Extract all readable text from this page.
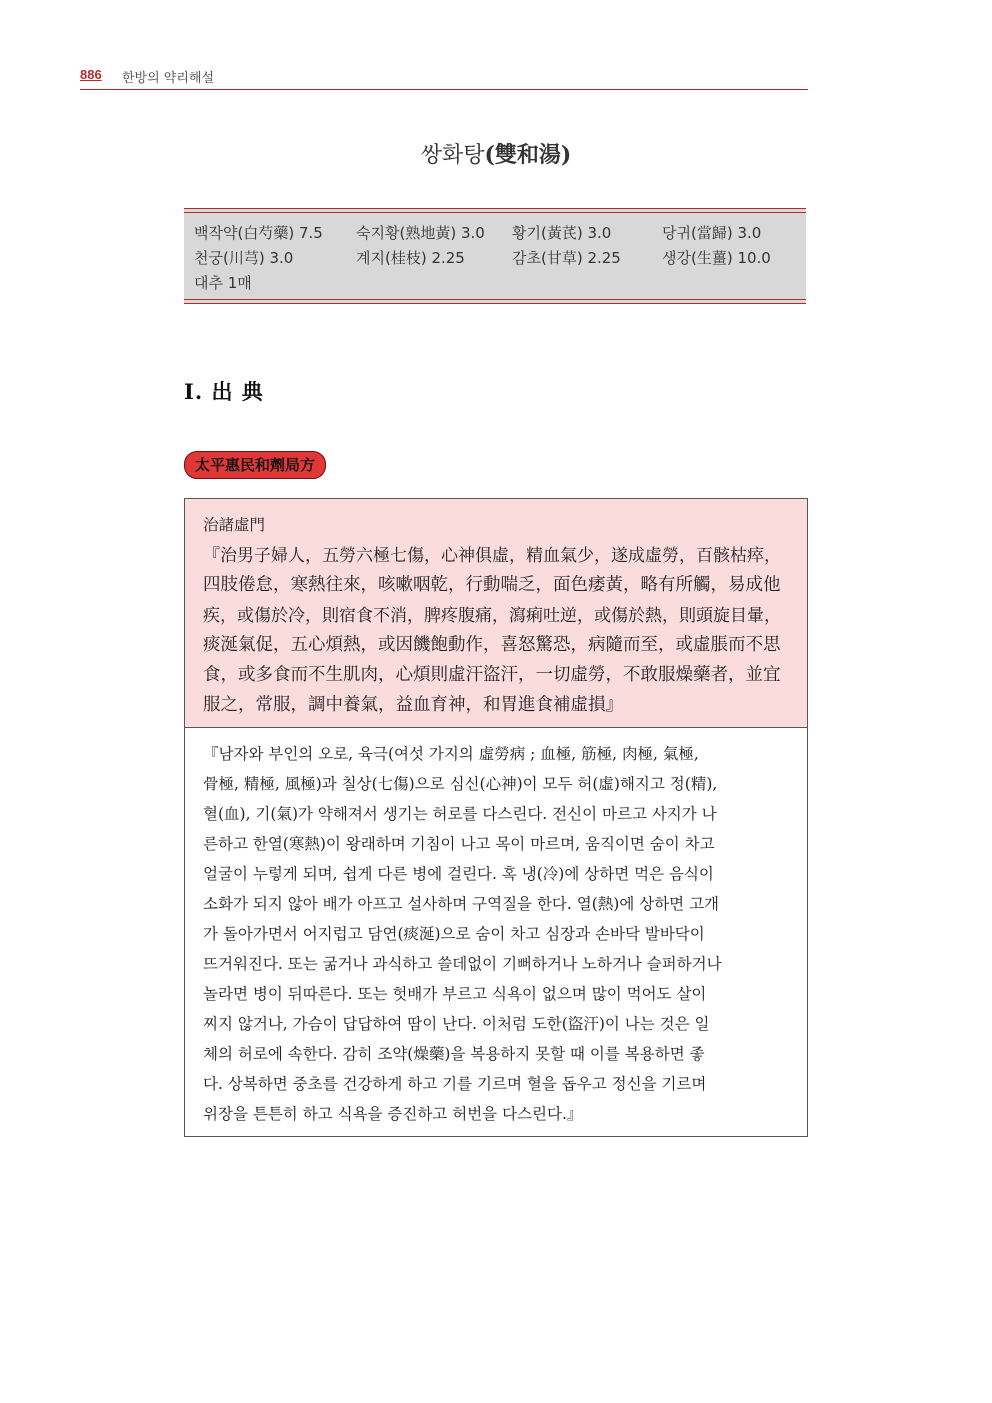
886 한방의 약리해설
쌍화탕(雙和湯)
백작약(白芍藥) 7.5 숙지황(熟地黃) 3.0 황기(黃芪) 3.0	당귀(當歸) 3.0
천궁(川芎) 3.0	계지(桂枝) 2.25	감초(甘草) 2.25	생강(生薑) 10.0
대추 1매
I. 出 典
太平惠民和劑局方
治諸虛門
『治男子婦人，五勞六極七傷，心神俱虛，精血氣少，遂成虛勞，百骸枯瘁，
四肢倦怠，寒熱往來，咳嗽咽乾，行動喘乏，面色痿黃，略有所觸，易成他
疾，或傷於冷，則宿食不消，脾疼腹痛，瀉痢吐逆，或傷於熱，則頭旋目暈，
痰涎氣促，五心煩熱，或因饑飽動作，喜怒驚恐，病隨而至，或虛脹而不思
食，或多食而不生肌肉，心煩則虛汗盜汗，一切虛勞，不敢服燥藥者，並宜
服之，常服，調中養氣，益血育神，和胃進食補虛損』
『남자와 부인의 오로, 육극(여섯 가지의 虛勞病 ; 血極, 筋極, 肉極, 氣極,
骨極, 精極, 風極)과 칠상(七傷)으로 심신(心神)이 모두 허(虛)해지고 정(精),
혈(血), 기(氣)가 약해져서 생기는 허로를 다스린다. 전신이 마르고 사지가 나
른하고 한열(寒熱)이 왕래하며 기침이 나고 목이 마르며, 움직이면 숨이 차고
얼굴이 누렇게 되며, 쉽게 다른 병에 걸린다. 혹 냉(冷)에 상하면 먹은 음식이
소화가 되지 않아 배가 아프고 설사하며 구역질을 한다. 열(熱)에 상하면 고개
가 돌아가면서 어지럽고 담연(痰涎)으로 숨이 차고 심장과 손바닥 발바닥이
뜨거워진다. 또는 굶거나 과식하고 쓸데없이 기뻐하거나 노하거나 슬퍼하거나
놀라면 병이 뒤따른다. 또는 헛배가 부르고 식욕이 없으며 많이 먹어도 살이
찌지 않거나, 가슴이 답답하여 땀이 난다. 이처럼 도한(盜汗)이 나는 것은 일
체의 허로에 속한다. 감히 조약(燥藥)을 복용하지 못할 때 이를 복용하면 좋
다. 상복하면 중초를 건강하게 하고 기를 기르며 혈을 돕우고 정신을 기르며
위장을 튼튼히 하고 식욕을 증진하고 허번을 다스린다.』
